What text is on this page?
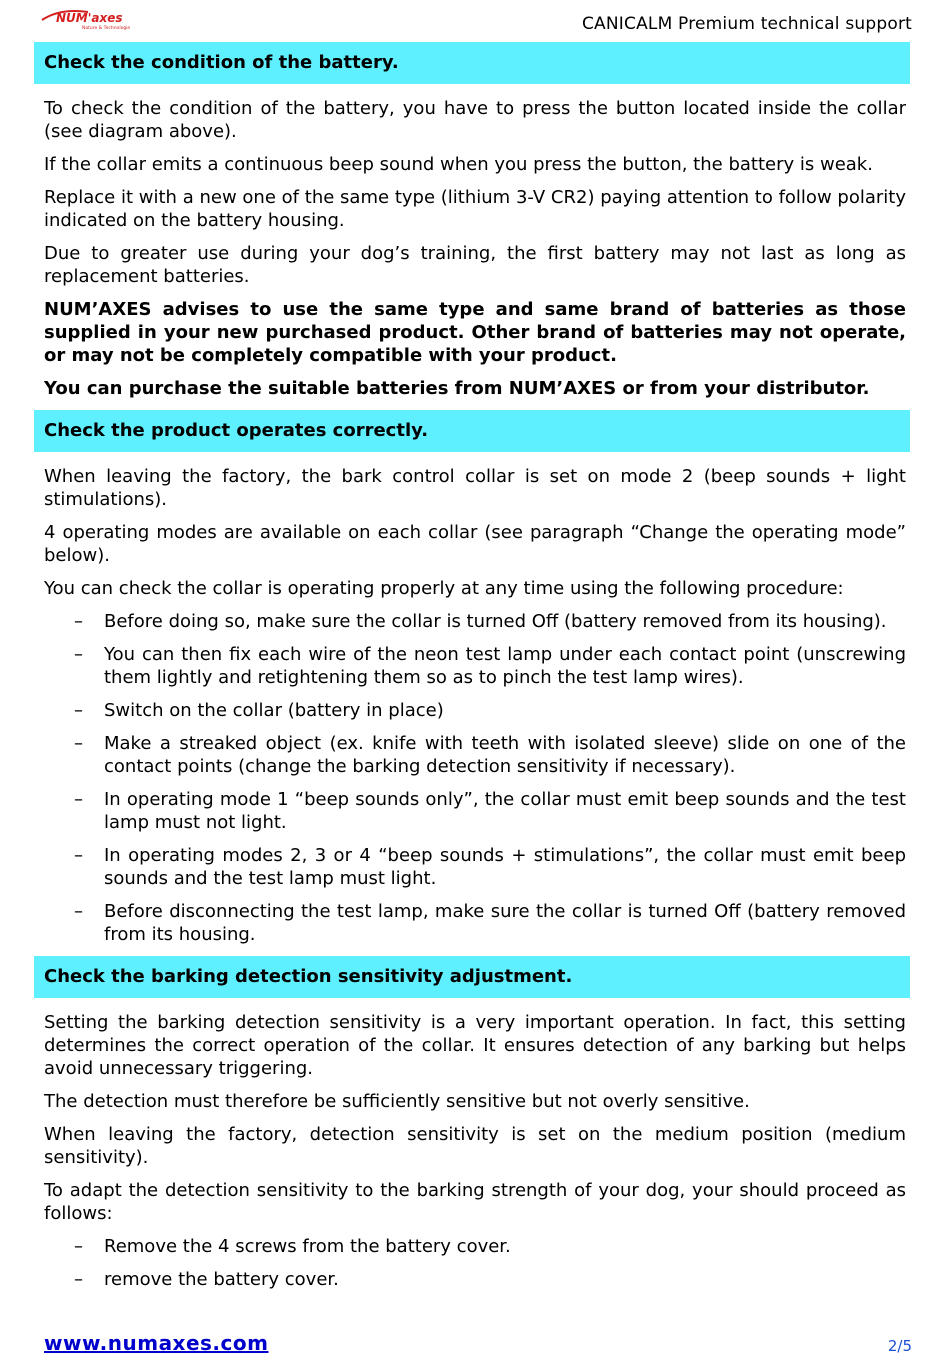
NUM'axes
Nature & Technologie	CANICALM Premium technical support
Check the condition of the battery.

To check the condition of the battery, you have to press the button located inside the collar (see diagram above).

If the collar emits a continuous beep sound when you press the button, the battery is weak.

Replace it with a new one of the same type (lithium 3-V CR2) paying attention to follow polarity indicated on the battery housing.

Due to greater use during your dog’s training, the first battery may not last as long as replacement batteries.

NUM’AXES advises to use the same type and same brand of batteries as those supplied in your new purchased product. Other brand of batteries may not operate, or may not be completely compatible with your product.

You can purchase the suitable batteries from NUM’AXES or from your distributor.

Check the product operates correctly.

When leaving the factory, the bark control collar is set on mode 2 (beep sounds + light stimulations).

4 operating modes are available on each collar (see paragraph “Change the operating mode” below).

You can check the collar is operating properly at any time using the following procedure:

– Before doing so, make sure the collar is turned Off (battery removed from its housing).
– You can then fix each wire of the neon test lamp under each contact point (unscrewing them lightly and retightening them so as to pinch the test lamp wires).
– Switch on the collar (battery in place)
– Make a streaked object (ex. knife with teeth with isolated sleeve) slide on one of the contact points (change the barking detection sensitivity if necessary).
– In operating mode 1 “beep sounds only”, the collar must emit beep sounds and the test lamp must not light.
– In operating modes 2, 3 or 4 “beep sounds + stimulations”, the collar must emit beep sounds and the test lamp must light.
– Before disconnecting the test lamp, make sure the collar is turned Off (battery removed from its housing.
Check the barking detection sensitivity adjustment.

Setting the barking detection sensitivity is a very important operation. In fact, this setting determines the correct operation of the collar. It ensures detection of any barking but helps avoid unnecessary triggering.

The detection must therefore be sufficiently sensitive but not overly sensitive.

When leaving the factory, detection sensitivity is set on the medium position (medium sensitivity).

To adapt the detection sensitivity to the barking strength of your dog, your should proceed as follows:

– Remove the 4 screws from the battery cover.
– remove the battery cover.
www.numaxes.com	2/5
